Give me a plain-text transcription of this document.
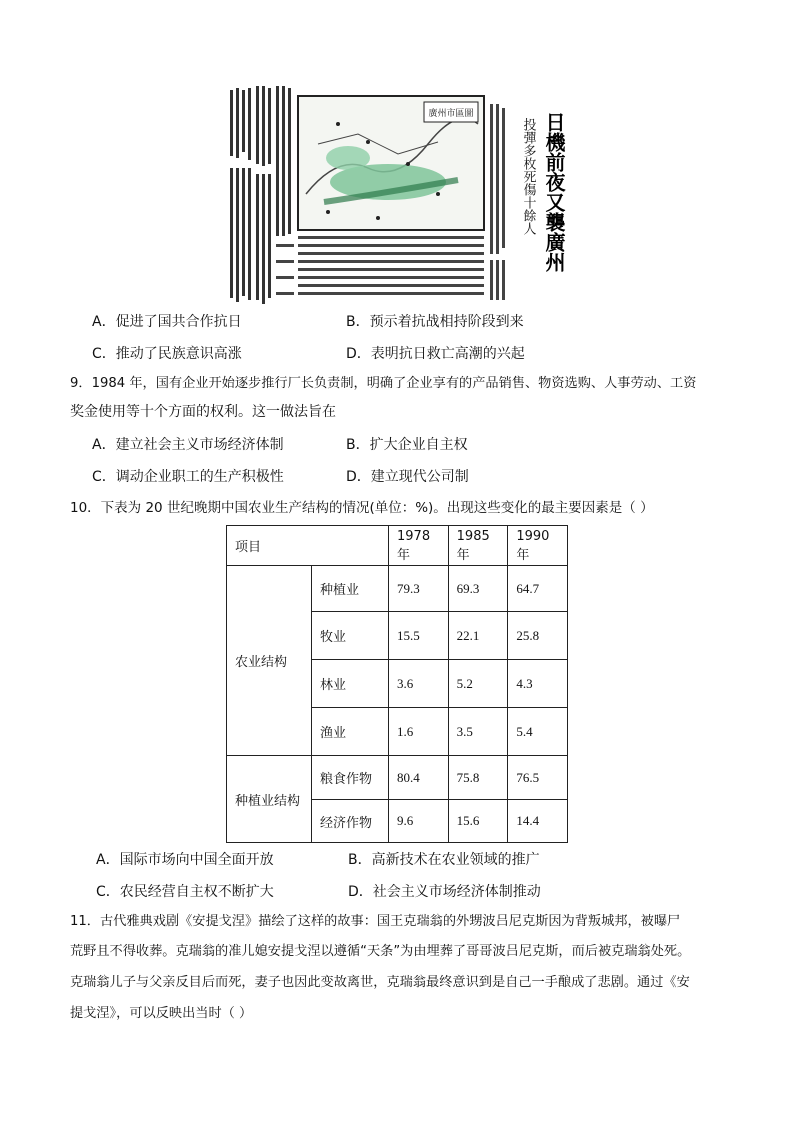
廣州市區圖	日機前夜又襲廣州
投彈多枚死傷十餘人
A．促进了国共合作抗日	B．预示着抗战相持阶段到来
C．推动了民族意识高涨	D．表明抗日救亡高潮的兴起
9．1984 年，国有企业开始逐步推行厂长负责制，明确了企业享有的产品销售、物资选购、人事劳动、工资
奖金使用等十个方面的权利。这一做法旨在
A．建立社会主义市场经济体制	B．扩大企业自主权
C．调动企业职工的生产积极性	D．建立现代公司制
10．下表为 20 世纪晚期中国农业生产结构的情况(单位：%)。出现这些变化的最主要因素是（ ）
项目		1978 年	1985 年	1990 年
农业结构	种植业	79.3	69.3	64.7
	牧业	15.5	22.1	25.8
	林业	3.6	5.2	4.3
	渔业	1.6	3.5	5.4
种植业结构	粮食作物	80.4	75.8	76.5
	经济作物	9.6	15.6	14.4
A．国际市场向中国全面开放	B．高新技术在农业领域的推广
C．农民经营自主权不断扩大	D．社会主义市场经济体制推动
11．古代雅典戏剧《安提戈涅》描绘了这样的故事：国王克瑞翁的外甥波吕尼克斯因为背叛城邦，被曝尸
荒野且不得收葬。克瑞翁的准儿媳安提戈涅以遵循“天条”为由埋葬了哥哥波吕尼克斯，而后被克瑞翁处死。
克瑞翁儿子与父亲反目后而死，妻子也因此变故离世，克瑞翁最终意识到是自己一手酿成了悲剧。通过《安
提戈涅》，可以反映出当时（ ）
